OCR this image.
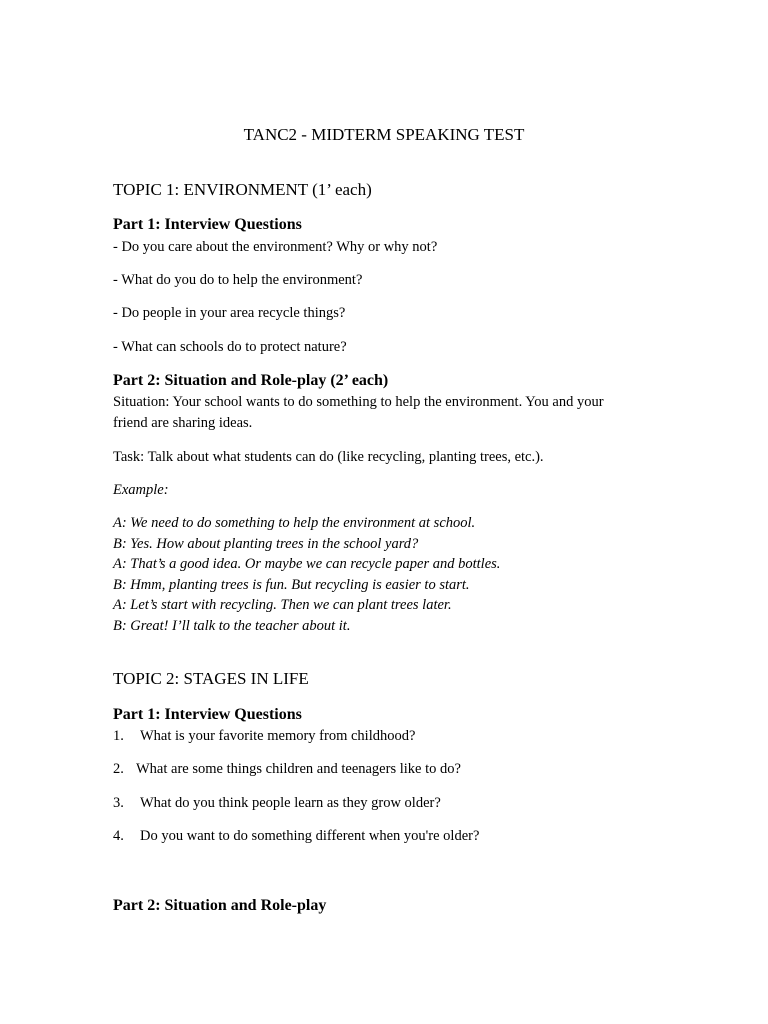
TANC2 - MIDTERM SPEAKING TEST
TOPIC 1: ENVIRONMENT (1’ each)
Part 1: Interview Questions
- Do you care about the environment? Why or why not?
- What do you do to help the environment?
- Do people in your area recycle things?
- What can schools do to protect nature?
Part 2: Situation and Role-play (2’ each)
Situation: Your school wants to do something to help the environment. You and your
friend are sharing ideas.
Task: Talk about what students can do (like recycling, planting trees, etc.).
Example:
A: We need to do something to help the environment at school.
B: Yes. How about planting trees in the school yard?
A: That’s a good idea. Or maybe we can recycle paper and bottles.
B: Hmm, planting trees is fun. But recycling is easier to start.
A: Let’s start with recycling. Then we can plant trees later.
B: Great! I’ll talk to the teacher about it.
TOPIC 2: STAGES IN LIFE
Part 1: Interview Questions
1. What is your favorite memory from childhood?
2. What are some things children and teenagers like to do?
3. What do you think people learn as they grow older?
4. Do you want to do something different when you're older?
Part 2: Situation and Role-play
